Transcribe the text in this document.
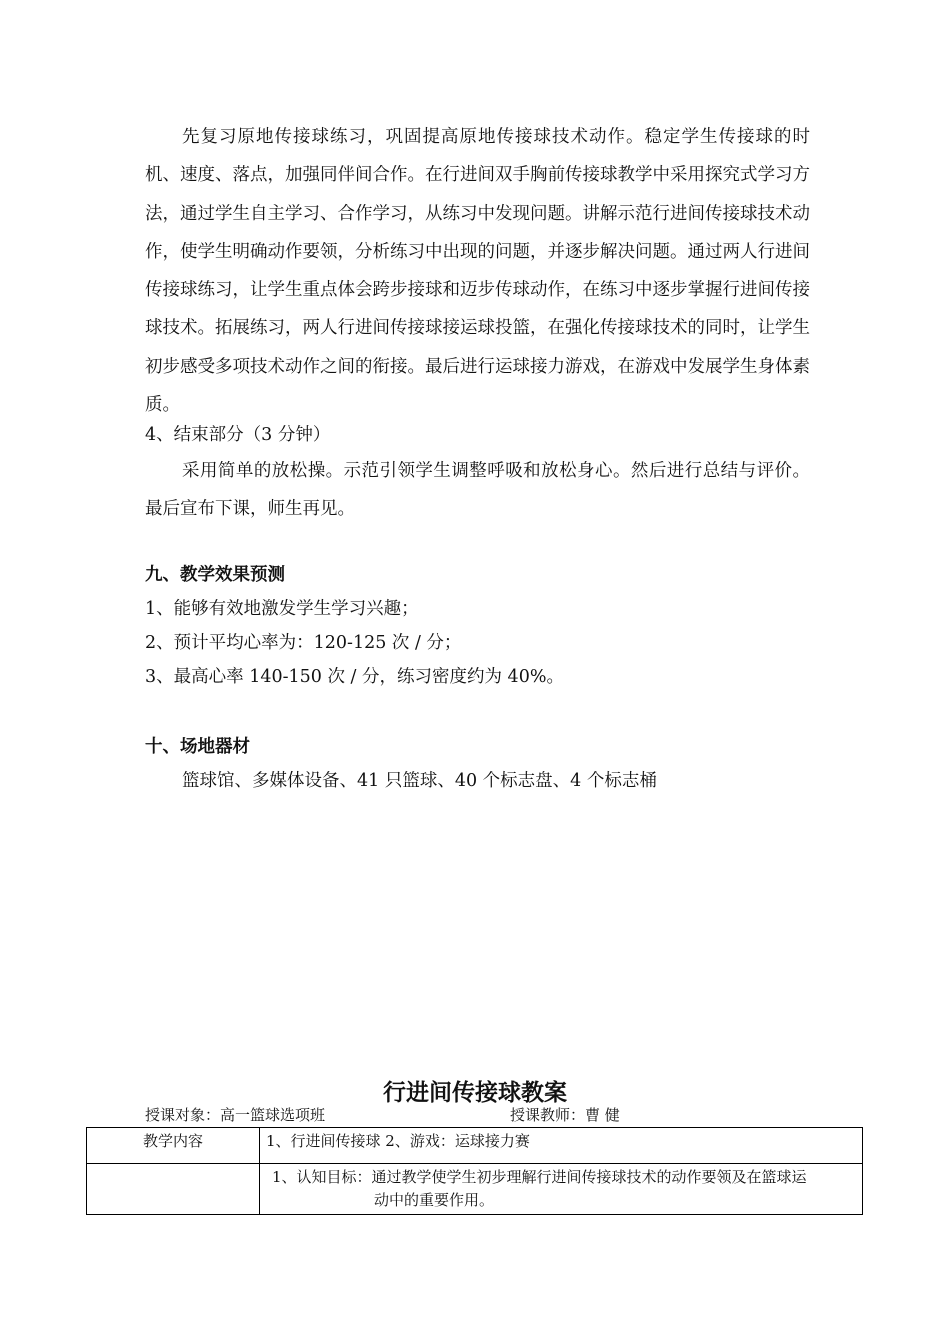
先复习原地传接球练习，巩固提高原地传接球技术动作。稳定学生传接球的时机、速度、落点，加强同伴间合作。在行进间双手胸前传接球教学中采用探究式学习方法，通过学生自主学习、合作学习，从练习中发现问题。讲解示范行进间传接球技术动作，使学生明确动作要领，分析练习中出现的问题，并逐步解决问题。通过两人行进间传接球练习，让学生重点体会跨步接球和迈步传球动作，在练习中逐步掌握行进间传接球技术。拓展练习，两人行进间传接球接运球投篮，在强化传接球技术的同时，让学生初步感受多项技术动作之间的衔接。最后进行运球接力游戏，在游戏中发展学生身体素质。

4、结束部分（3 分钟）

采用简单的放松操。示范引领学生调整呼吸和放松身心。然后进行总结与评价。最后宣布下课，师生再见。

九、教学效果预测
1、能够有效地激发学生学习兴趣；
2、预计平均心率为：120-125 次 / 分；
3、最高心率 140-150 次 / 分，练习密度约为 40%。
十、场地器材
篮球馆、多媒体设备、41 只篮球、40 个标志盘、4 个标志桶
行进间传接球教案
授课对象：高一篮球选项班	授课教师：曹 健
教学内容	1、行进间传接球 2、游戏：运球接力赛
	1、认知目标：通过教学使学生初步理解行进间传接球技术的动作要领及在篮球运
动中的重要作用。
